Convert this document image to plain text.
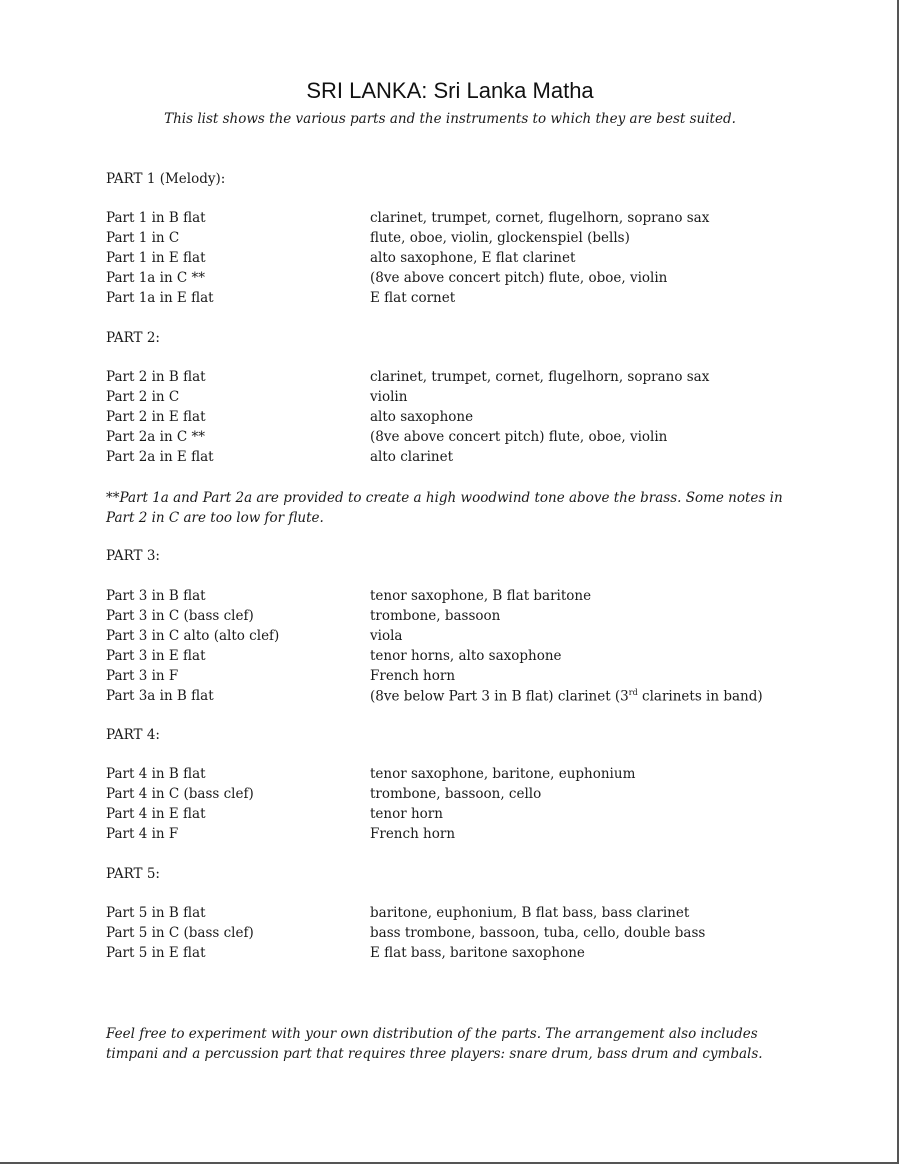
SRI LANKA: Sri Lanka Matha
This list shows the various parts and the instruments to which they are best suited.
PART 1 (Melody):
Part 1 in B flat	clarinet, trumpet, cornet, flugelhorn, soprano sax
Part 1 in C	flute, oboe, violin, glockenspiel (bells)
Part 1 in E flat	alto saxophone, E flat clarinet
Part 1a in C **	(8ve above concert pitch) flute, oboe, violin
Part 1a in E flat	E flat cornet
PART 2:
Part 2 in B flat	clarinet, trumpet, cornet, flugelhorn, soprano sax
Part 2 in C	violin
Part 2 in E flat	alto saxophone
Part 2a in C **	(8ve above concert pitch) flute, oboe, violin
Part 2a in E flat	alto clarinet
**Part 1a and Part 2a are provided to create a high woodwind tone above the brass. Some notes in Part 2 in C are too low for flute.
PART 3:
Part 3 in B flat	tenor saxophone, B flat baritone
Part 3 in C (bass clef)	trombone, bassoon
Part 3 in C alto (alto clef)	viola
Part 3 in E flat	tenor horns, alto saxophone
Part 3 in F	French horn
Part 3a in B flat	(8ve below Part 3 in B flat) clarinet (3rd clarinets in band)
PART 4:
Part 4 in B flat	tenor saxophone, baritone, euphonium
Part 4 in C (bass clef)	trombone, bassoon, cello
Part 4 in E flat	tenor horn
Part 4 in F	French horn
PART 5:
Part 5 in B flat	baritone, euphonium, B flat bass, bass clarinet
Part 5 in C (bass clef)	bass trombone, bassoon, tuba, cello, double bass
Part 5 in E flat	E flat bass, baritone saxophone
Feel free to experiment with your own distribution of the parts. The arrangement also includes timpani and a percussion part that requires three players: snare drum, bass drum and cymbals.
